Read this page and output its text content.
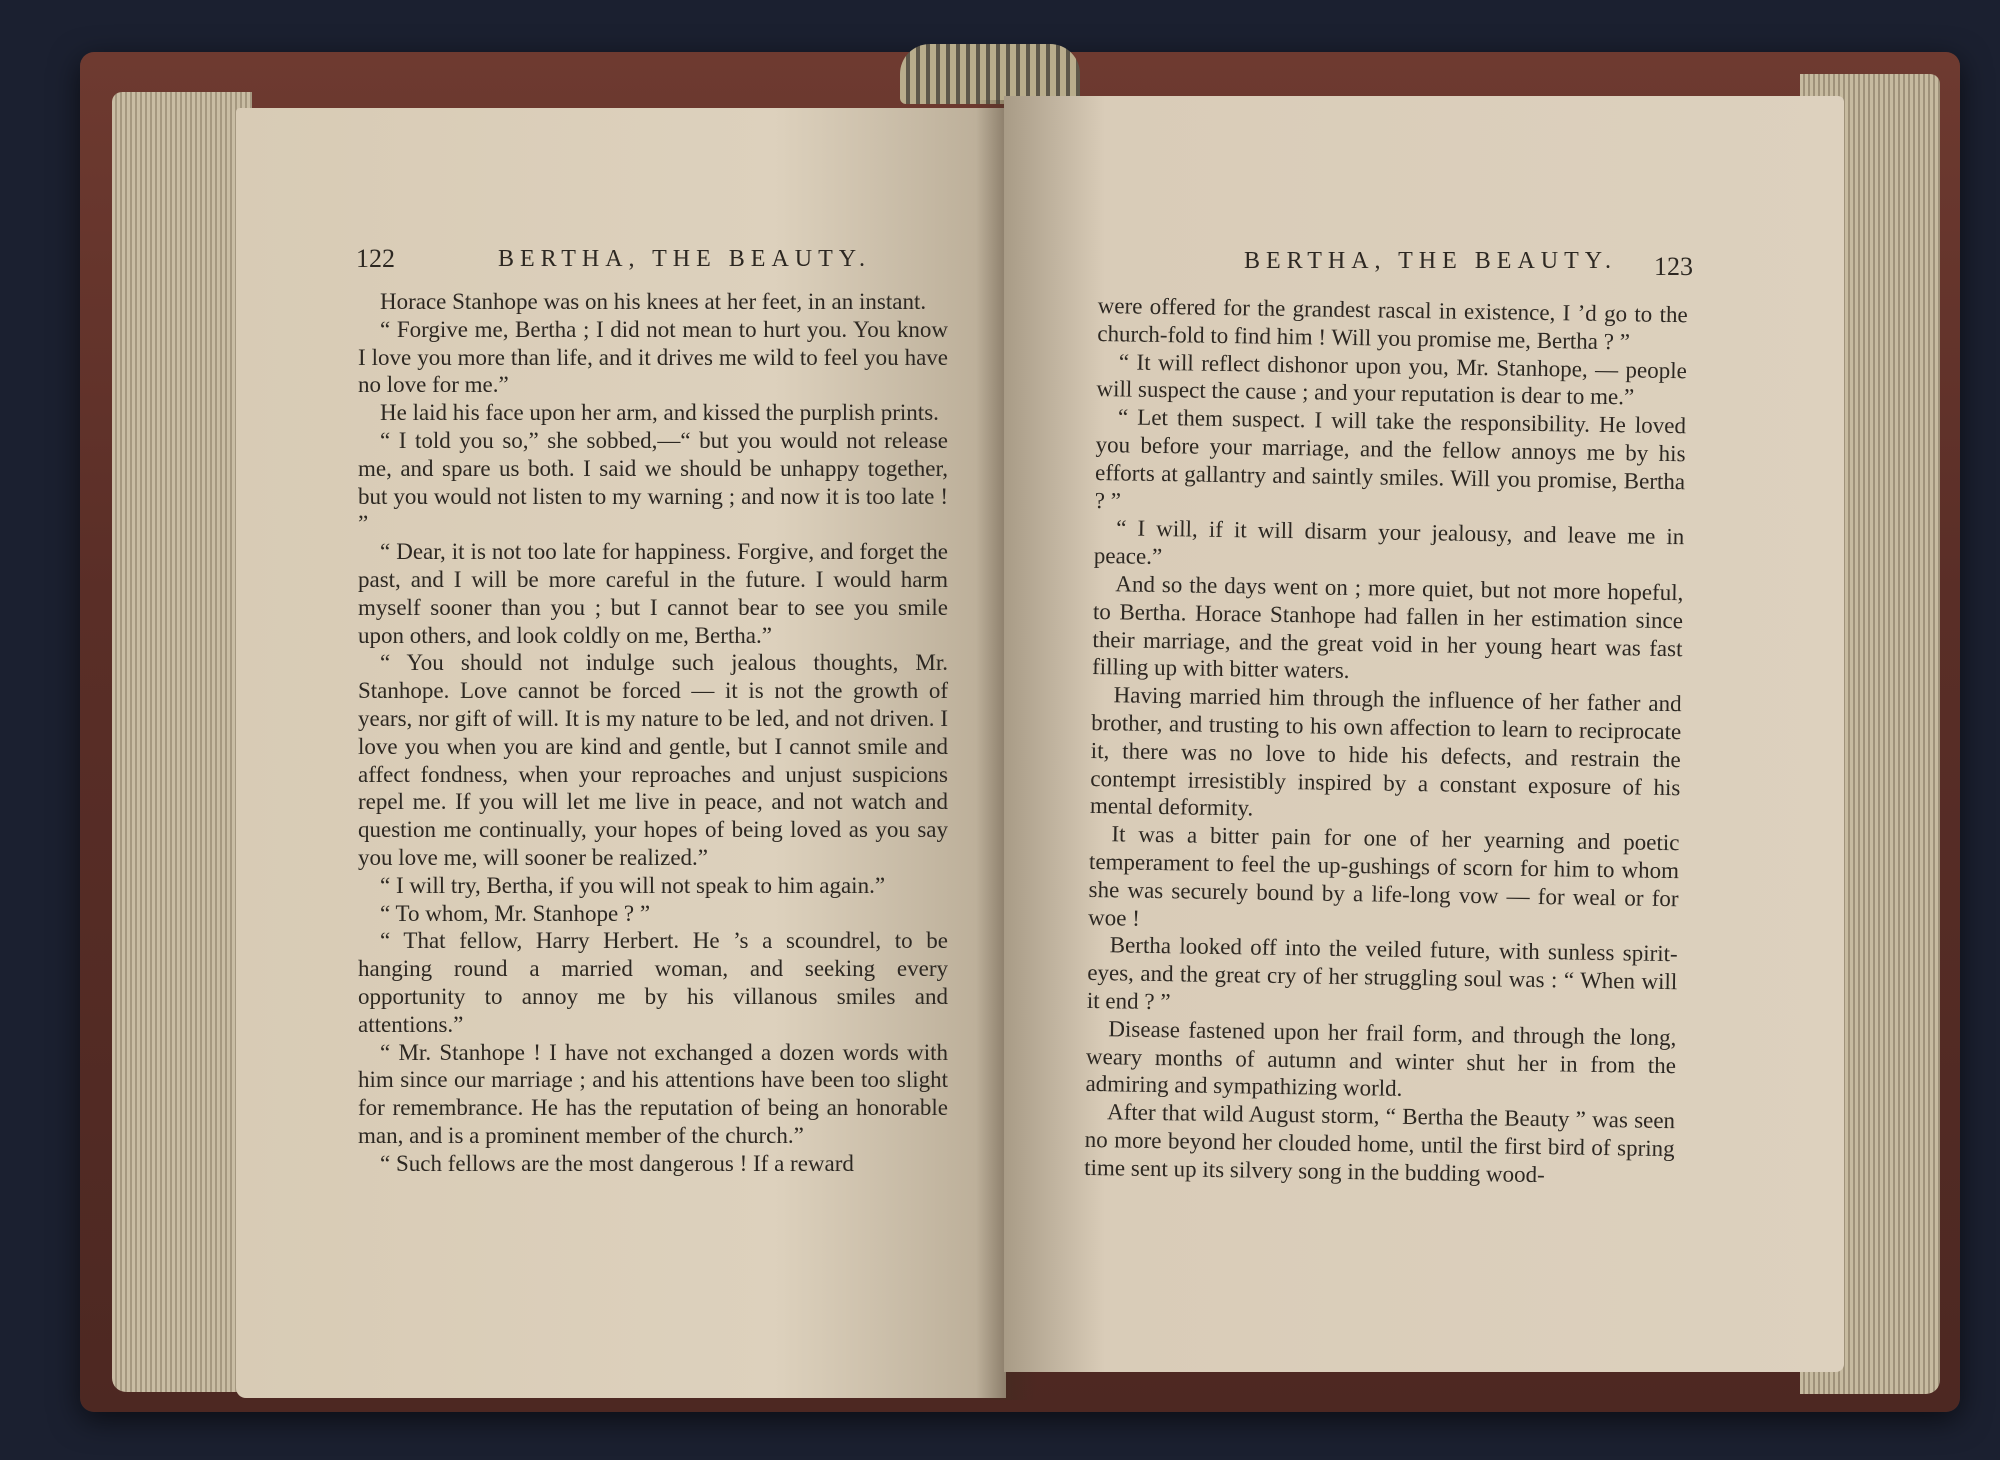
122	BERTHA, THE BEAUTY.

Horace Stanhope was on his knees at her feet, in an instant.

“ Forgive me, Bertha ; I did not mean to hurt you. You know I love you more than life, and it drives me wild to feel you have no love for me.”

He laid his face upon her arm, and kissed the purplish prints.

“ I told you so,” she sobbed,—“ but you would not release me, and spare us both. I said we should be unhappy together, but you would not listen to my warning ; and now it is too late ! ”

“ Dear, it is not too late for happiness. Forgive, and forget the past, and I will be more careful in the future. I would harm myself sooner than you ; but I cannot bear to see you smile upon others, and look coldly on me, Bertha.”

“ You should not indulge such jealous thoughts, Mr. Stanhope. Love cannot be forced — it is not the growth of years, nor gift of will. It is my nature to be led, and not driven. I love you when you are kind and gentle, but I cannot smile and affect fondness, when your reproaches and unjust suspicions repel me. If you will let me live in peace, and not watch and question me continually, your hopes of being loved as you say you love me, will sooner be realized.”

“ I will try, Bertha, if you will not speak to him again.”

“ To whom, Mr. Stanhope ? ”

“ That fellow, Harry Herbert. He ’s a scoundrel, to be hanging round a married woman, and seeking every opportunity to annoy me by his villanous smiles and attentions.”

“ Mr. Stanhope ! I have not exchanged a dozen words with him since our marriage ; and his attentions have been too slight for remembrance. He has the reputation of being an honorable man, and is a prominent member of the church.”

“ Such fellows are the most dangerous ! If a reward

BERTHA, THE BEAUTY. 123

were offered for the grandest rascal in existence, I ’d go to the church-fold to find him ! Will you promise me, Bertha ? ”

“ It will reflect dishonor upon you, Mr. Stanhope, — people will suspect the cause ; and your reputation is dear to me.”

“ Let them suspect. I will take the responsibility. He loved you before your marriage, and the fellow annoys me by his efforts at gallantry and saintly smiles. Will you promise, Bertha ? ”

“ I will, if it will disarm your jealousy, and leave me in peace.”

And so the days went on ; more quiet, but not more hopeful, to Bertha. Horace Stanhope had fallen in her estimation since their marriage, and the great void in her young heart was fast filling up with bitter waters.

Having married him through the influence of her father and brother, and trusting to his own affection to learn to reciprocate it, there was no love to hide his defects, and restrain the contempt irresistibly inspired by a constant exposure of his mental deformity.

It was a bitter pain for one of her yearning and poetic temperament to feel the up-gushings of scorn for him to whom she was securely bound by a life-long vow — for weal or for woe !

Bertha looked off into the veiled future, with sunless spirit-eyes, and the great cry of her struggling soul was : “ When will it end ? ”

Disease fastened upon her frail form, and through the long, weary months of autumn and winter shut her in from the admiring and sympathizing world.

After that wild August storm, “ Bertha the Beauty ” was seen no more beyond her clouded home, until the first bird of spring time sent up its silvery song in the budding wood-
